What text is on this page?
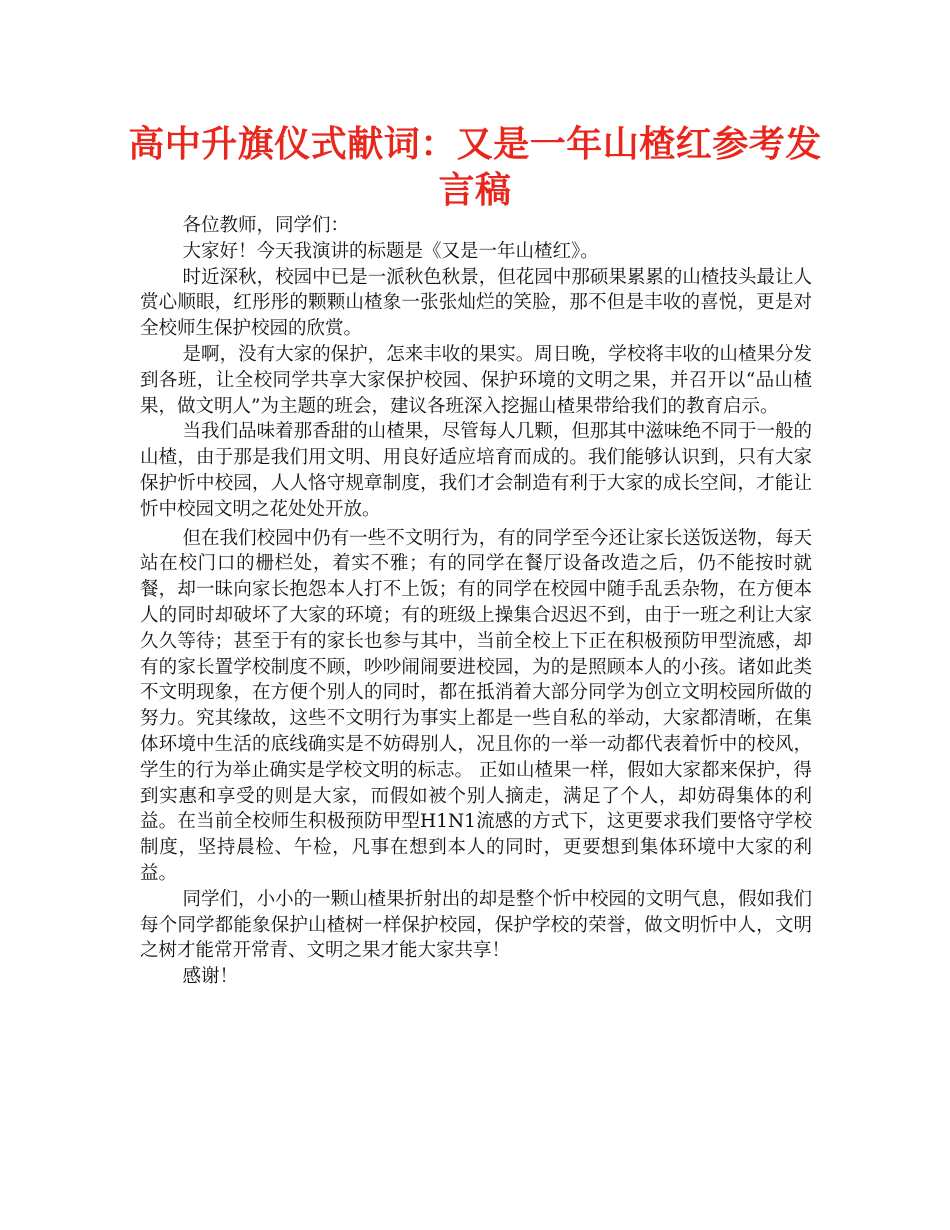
高中升旗仪式献词：又是一年山楂红参考发言稿

各位教师，同学们：

大家好！今天我演讲的标题是《又是一年山楂红》。

时近深秋，校园中已是一派秋色秋景，但花园中那硕果累累的山楂技头最让人赏心顺眼，红彤彤的颗颗山楂象一张张灿烂的笑脸，那不但是丰收的喜悦，更是对全校师生保护校园的欣赏。

是啊，没有大家的保护，怎来丰收的果实。周日晚，学校将丰收的山楂果分发到各班，让全校同学共享大家保护校园、保护环境的文明之果，并召开以“品山楂果，做文明人”为主题的班会，建议各班深入挖掘山楂果带给我们的教育启示。

当我们品味着那香甜的山楂果，尽管每人几颗，但那其中滋味绝不同于一般的山楂，由于那是我们用文明、用良好适应培育而成的。我们能够认识到，只有大家保护忻中校园，人人恪守规章制度，我们才会制造有利于大家的成长空间，才能让忻中校园文明之花处处开放。

但在我们校园中仍有一些不文明行为，有的同学至今还让家长送饭送物，每天站在校门口的栅栏处，着实不雅；有的同学在餐厅设备改造之后，仍不能按时就餐，却一昧向家长抱怨本人打不上饭；有的同学在校园中随手乱丢杂物，在方便本人的同时却破坏了大家的环境；有的班级上操集合迟迟不到，由于一班之利让大家久久等待；甚至于有的家长也参与其中，当前全校上下正在积极预防甲型流感，却有的家长置学校制度不顾，吵吵闹闹要进校园，为的是照顾本人的小孩。诸如此类不文明现象，在方便个别人的同时，都在抵消着大部分同学为创立文明校园所做的努力。究其缘故，这些不文明行为事实上都是一些自私的举动，大家都清晰，在集体环境中生活的底线确实是不妨碍别人，况且你的一举一动都代表着忻中的校风，学生的行为举止确实是学校文明的标志。 正如山楂果一样，假如大家都来保护，得到实惠和享受的则是大家，而假如被个别人摘走，满足了个人，却妨碍集体的利益。在当前全校师生积极预防甲型H1N1流感的方式下，这更要求我们要恪守学校制度，坚持晨检、午检，凡事在想到本人的同时，更要想到集体环境中大家的利益。

同学们，小小的一颗山楂果折射出的却是整个忻中校园的文明气息，假如我们每个同学都能象保护山楂树一样保护校园，保护学校的荣誉，做文明忻中人，文明之树才能常开常青、文明之果才能大家共享！

感谢！
